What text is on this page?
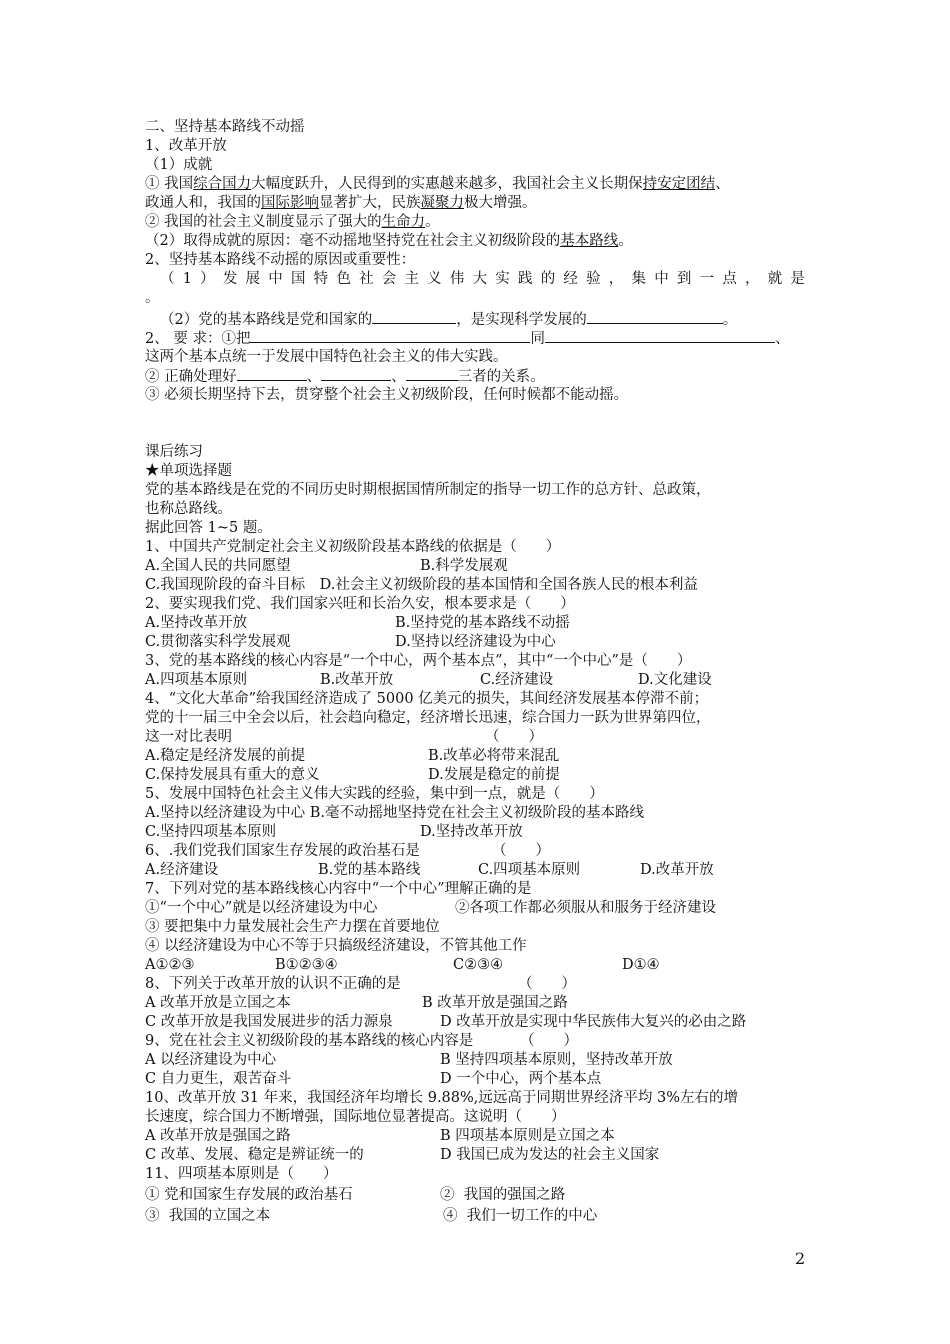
二、坚持基本路线不动摇
1、改革开放
（1）成就
① 我国综合国力大幅度跃升，人民得到的实惠越来越多，我国社会主义长期保持安定团结、
政通人和，我国的国际影响显著扩大，民族凝聚力极大增强。
② 我国的社会主义制度显示了强大的生命力。
（2）取得成就的原因：毫不动摇地坚持党在社会主义初级阶段的基本路线。
2、坚持基本路线不动摇的原因或重要性：
（ 1 ） 发 展 中 国 特 色 社 会 主 义 伟 大 实 践 的 经 验 ， 集 中 到 一 点 ， 就 是
。
（2）党的基本路线是党和国家的	，是实现科学发展的	。
2、 要 求：①把	同	、
这两个基本点统一于发展中国特色社会主义的伟大实践。
② 正确处理好	、	、	三者的关系。
③ 必须长期坚持下去，贯穿整个社会主义初级阶段，任何时候都不能动摇。
课后练习
★单项选择题
党的基本路线是在党的不同历史时期根据国情所制定的指导一切工作的总方针、总政策，
也称总路线。
据此回答 1~5 题。
1、中国共产党制定社会主义初级阶段基本路线的依据是（　　）
A.全国人民的共同愿望	B.科学发展观
C.我国现阶段的奋斗目标　D.社会主义初级阶段的基本国情和全国各族人民的根本利益
2、要实现我们党、我们国家兴旺和长治久安，根本要求是（　　）
A.坚持改革开放	B.坚持党的基本路线不动摇
C.贯彻落实科学发展观	D.坚持以经济建设为中心
3、党的基本路线的核心内容是“一个中心，两个基本点”，其中“一个中心”是（　　）
A.四项基本原则	B.改革开放	C.经济建设	D.文化建设
4、“文化大革命”给我国经济造成了 5000 亿美元的损失，其间经济发展基本停滞不前；
党的十一届三中全会以后，社会趋向稳定，经济增长迅速，综合国力一跃为世界第四位，
这一对比表明	（　　）
A.稳定是经济发展的前提	B.改革必将带来混乱
C.保持发展具有重大的意义	D.发展是稳定的前提
5、发展中国特色社会主义伟大实践的经验，集中到一点，就是（　　）
A.坚持以经济建设为中心 B.毫不动摇地坚持党在社会主义初级阶段的基本路线
C.坚持四项基本原则	D.坚持改革开放
6、.我们党我们国家生存发展的政治基石是	（　　）
A.经济建设	B.党的基本路线	C.四项基本原则	D.改革开放
7、下列对党的基本路线核心内容中“一个中心”理解正确的是
①“一个中心”就是以经济建设为中心	②各项工作都必须服从和服务于经济建设
③ 要把集中力量发展社会生产力摆在首要地位
④ 以经济建设为中心不等于只搞级经济建设，不管其他工作
A①②③	B①②③④	C②③④	D①④
8、下列关于改革开放的认识不正确的是	（　　）
A 改革开放是立国之本	B 改革开放是强国之路
C 改革开放是我国发展进步的活力源泉	D 改革开放是实现中华民族伟大复兴的必由之路
9、党在社会主义初级阶段的基本路线的核心内容是	（　　）
A 以经济建设为中心	B 坚持四项基本原则，坚持改革开放
C 自力更生，艰苦奋斗	D 一个中心，两个基本点
10、改革开放 31 年来，我国经济年均增长 9.88%,远远高于同期世界经济平均 3%左右的增
长速度，综合国力不断增强，国际地位显著提高。这说明（　　）
A 改革开放是强国之路	B 四项基本原则是立国之本
C 改革、发展、稳定是辨证统一的	D 我国已成为发达的社会主义国家
11、四项基本原则是（　　）
① 党和国家生存发展的政治基石	②  我国的强国之路
③  我国的立国之本	④  我们一切工作的中心
2
